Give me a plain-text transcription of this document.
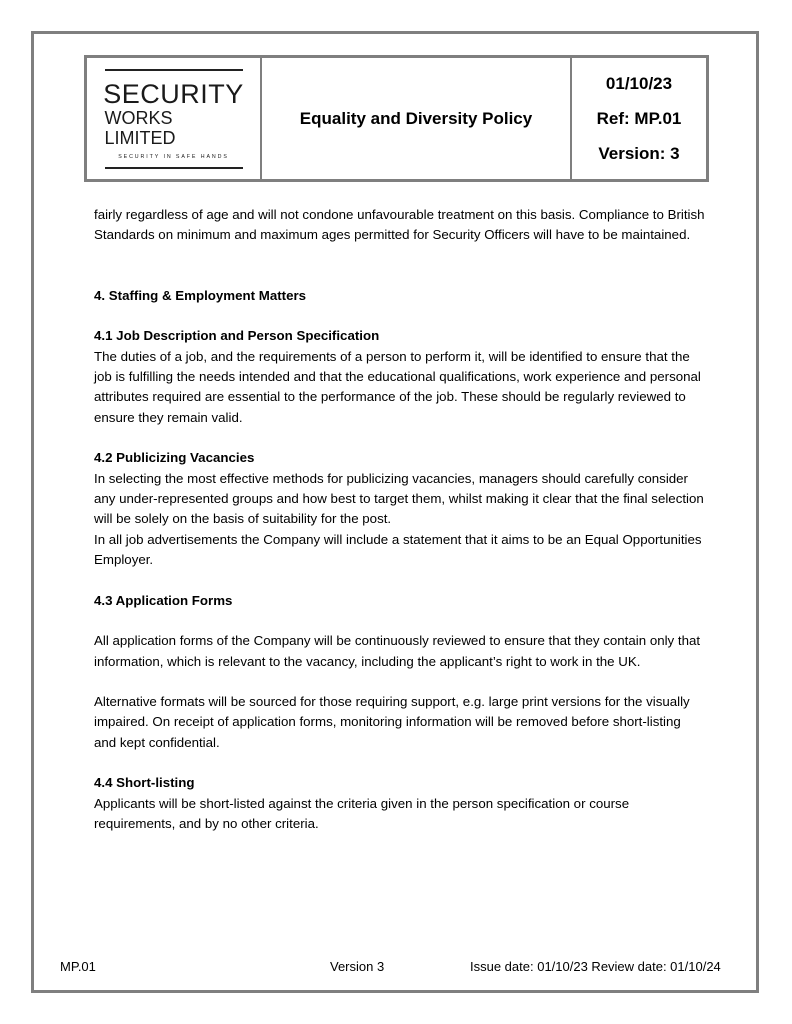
SECURITY
WORKS LIMITED
SECURITY IN SAFE HANDS
Equality and Diversity Policy
01/10/23
Ref: MP.01
Version: 3

fairly regardless of age and will not condone unfavourable treatment on this basis. Compliance to British Standards on minimum and maximum ages permitted for Security Officers will have to be maintained.

4. Staffing & Employment Matters

4.1 Job Description and Person Specification

The duties of a job, and the requirements of a person to perform it, will be identified to ensure that the job is fulfilling the needs intended and that the educational qualifications, work experience and personal attributes required are essential to the performance of the job. These should be regularly reviewed to ensure they remain valid.

4.2 Publicizing Vacancies

In selecting the most effective methods for publicizing vacancies, managers should carefully consider any under-represented groups and how best to target them, whilst making it clear that the final selection will be solely on the basis of suitability for the post.

In all job advertisements the Company will include a statement that it aims to be an Equal Opportunities Employer.

4.3 Application Forms

All application forms of the Company will be continuously reviewed to ensure that they contain only that information, which is relevant to the vacancy, including the applicant’s right to work in the UK.

Alternative formats will be sourced for those requiring support, e.g. large print versions for the visually impaired. On receipt of application forms, monitoring information will be removed before short-listing and kept confidential.

4.4 Short-listing

Applicants will be short-listed against the criteria given in the person specification or course requirements, and by no other criteria.

MP.01	Version 3	Issue date: 01/10/23 Review date: 01/10/24
